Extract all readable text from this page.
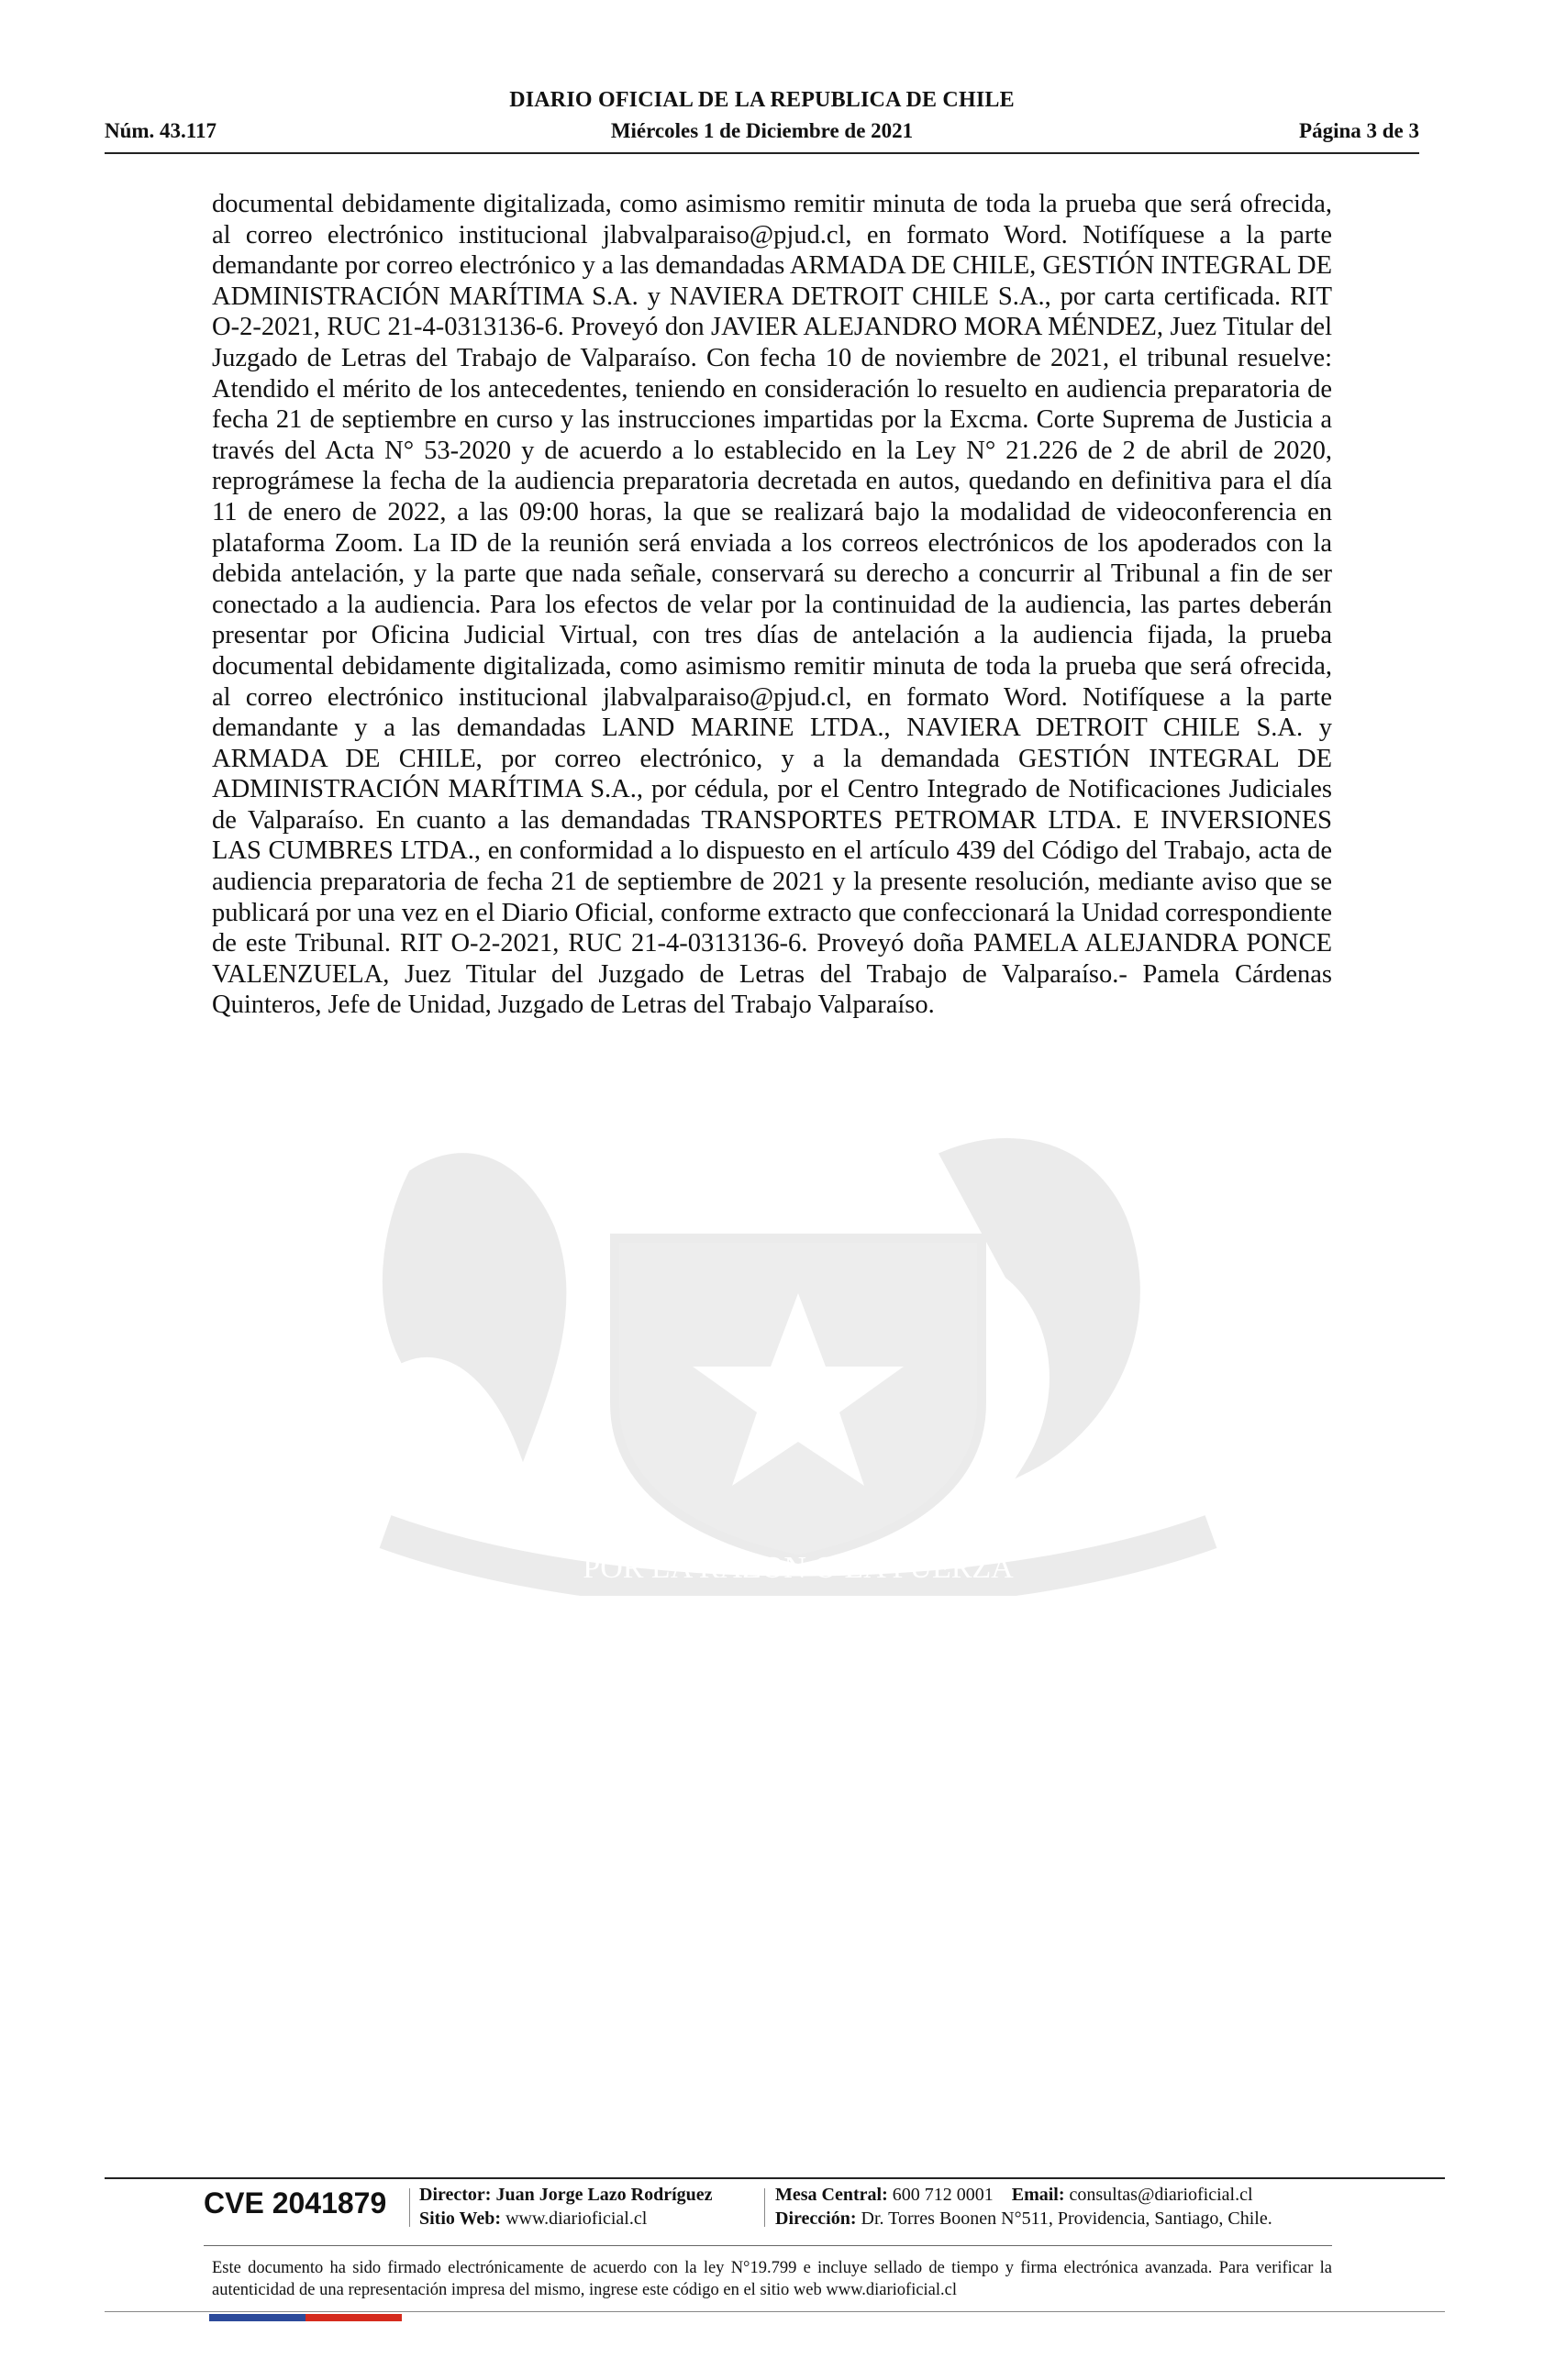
DIARIO OFICIAL DE LA REPUBLICA DE CHILE
Núm. 43.117	Miércoles 1 de Diciembre de 2021	Página 3 de 3
POR LA RAZON O LA FUERZA

documental debidamente digitalizada, como asimismo remitir minuta de toda la prueba que será ofrecida, al correo electrónico institucional jlabvalparaiso@pjud.cl, en formato Word. Notifíquese a la parte demandante por correo electrónico y a las demandadas ARMADA DE CHILE, GESTIÓN INTEGRAL DE ADMINISTRACIÓN MARÍTIMA S.A. y NAVIERA DETROIT CHILE S.A., por carta certificada. RIT O-2-2021, RUC 21-4-0313136-6. Proveyó don JAVIER ALEJANDRO MORA MÉNDEZ, Juez Titular del Juzgado de Letras del Trabajo de Valparaíso. Con fecha 10 de noviembre de 2021, el tribunal resuelve: Atendido el mérito de los antecedentes, teniendo en consideración lo resuelto en audiencia preparatoria de fecha 21 de septiembre en curso y las instrucciones impartidas por la Excma. Corte Suprema de Justicia a través del Acta N° 53-2020 y de acuerdo a lo establecido en la Ley N° 21.226 de 2 de abril de 2020, reprográmese la fecha de la audiencia preparatoria decretada en autos, quedando en definitiva para el día 11 de enero de 2022, a las 09:00 horas, la que se realizará bajo la modalidad de videoconferencia en plataforma Zoom. La ID de la reunión será enviada a los correos electrónicos de los apoderados con la debida antelación, y la parte que nada señale, conservará su derecho a concurrir al Tribunal a fin de ser conectado a la audiencia. Para los efectos de velar por la continuidad de la audiencia, las partes deberán presentar por Oficina Judicial Virtual, con tres días de antelación a la audiencia fijada, la prueba documental debidamente digitalizada, como asimismo remitir minuta de toda la prueba que será ofrecida, al correo electrónico institucional jlabvalparaiso@pjud.cl, en formato Word. Notifíquese a la parte demandante y a las demandadas LAND MARINE LTDA., NAVIERA DETROIT CHILE S.A. y ARMADA DE CHILE, por correo electrónico, y a la demandada GESTIÓN INTEGRAL DE ADMINISTRACIÓN MARÍTIMA S.A., por cédula, por el Centro Integrado de Notificaciones Judiciales de Valparaíso. En cuanto a las demandadas TRANSPORTES PETROMAR LTDA. E INVERSIONES LAS CUMBRES LTDA., en conformidad a lo dispuesto en el artículo 439 del Código del Trabajo, acta de audiencia preparatoria de fecha 21 de septiembre de 2021 y la presente resolución, mediante aviso que se publicará por una vez en el Diario Oficial, conforme extracto que confeccionará la Unidad correspondiente de este Tribunal. RIT O-2-2021, RUC 21-4-0313136-6. Proveyó doña PAMELA ALEJANDRA PONCE VALENZUELA, Juez Titular del Juzgado de Letras del Trabajo de Valparaíso.- Pamela Cárdenas Quinteros, Jefe de Unidad, Juzgado de Letras del Trabajo Valparaíso.

CVE 2041879 Director: Juan Jorge Lazo Rodríguez
Sitio Web: www.diarioficial.cl
Mesa Central: 600 712 0001 Email: consultas@diarioficial.cl
Dirección: Dr. Torres Boonen N°511, Providencia, Santiago, Chile.

Este documento ha sido firmado electrónicamente de acuerdo con la ley N°19.799 e incluye sellado de tiempo y firma electrónica avanzada. Para verificar la autenticidad de una representación impresa del mismo, ingrese este código en el sitio web www.diarioficial.cl
